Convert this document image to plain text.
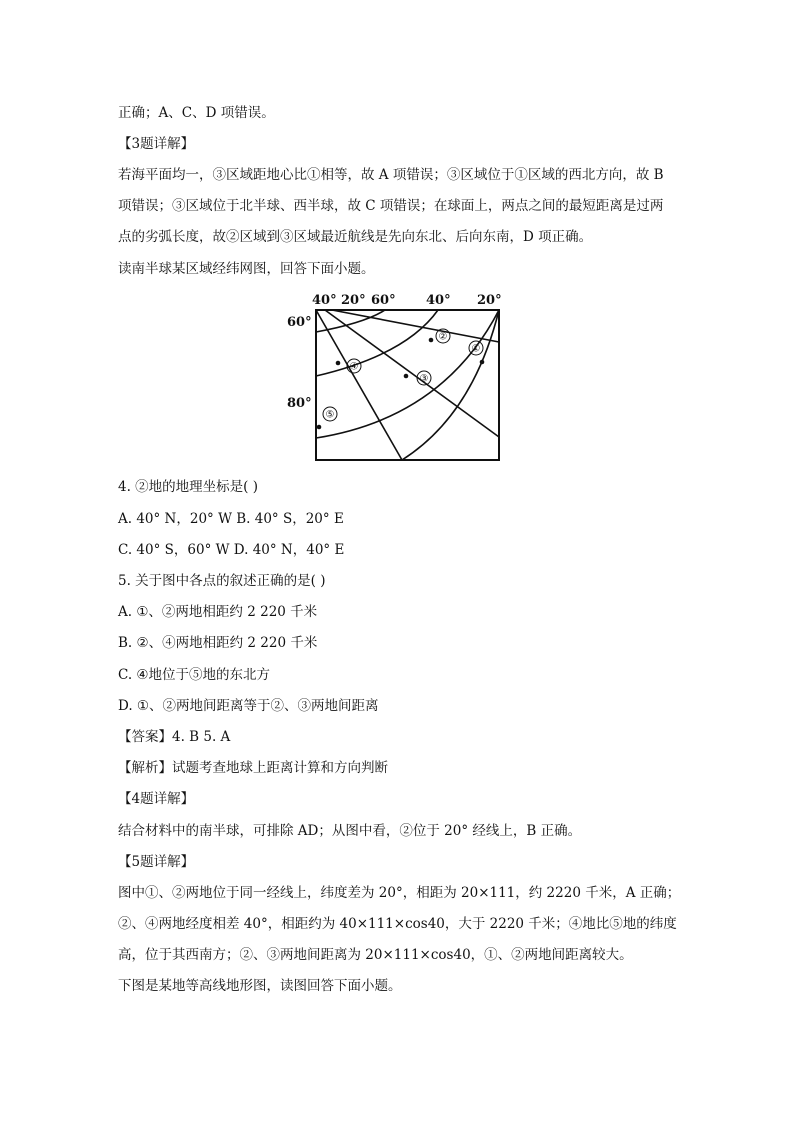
正确；A、C、D 项错误。
【3题详解】
若海平面均一，③区域距地心比①相等，故 A 项错误；③区域位于①区域的西北方向，故 B
项错误；③区域位于北半球、西半球，故 C 项错误；在球面上，两点之间的最短距离是过两
点的劣弧长度，故②区域到③区域最近航线是先向东北、后向东南，D 项正确。
读南半球某区域经纬网图，回答下面小题。
40° 20° 60° 40° 20°
60°
80°
①
②
③
④
⑤
4. ②地的地理坐标是( )
A. 40° N，20° W B. 40° S，20° E
C. 40° S，60° W D. 40° N，40° E
5. 关于图中各点的叙述正确的是( )
A. ①、②两地相距约 2 220 千米
B. ②、④两地相距约 2 220 千米
C. ④地位于⑤地的东北方
D. ①、②两地间距离等于②、③两地间距离
【答案】4. B 5. A
【解析】试题考查地球上距离计算和方向判断
【4题详解】
结合材料中的南半球，可排除 AD；从图中看，②位于 20° 经线上，B 正确。
【5题详解】
图中①、②两地位于同一经线上，纬度差为 20°，相距为 20×111，约 2220 千米，A 正确；
②、④两地经度相差 40°，相距约为 40×111×cos40，大于 2220 千米；④地比⑤地的纬度
高，位于其西南方；②、③两地间距离为 20×111×cos40，①、②两地间距离较大。
下图是某地等高线地形图，读图回答下面小题。
